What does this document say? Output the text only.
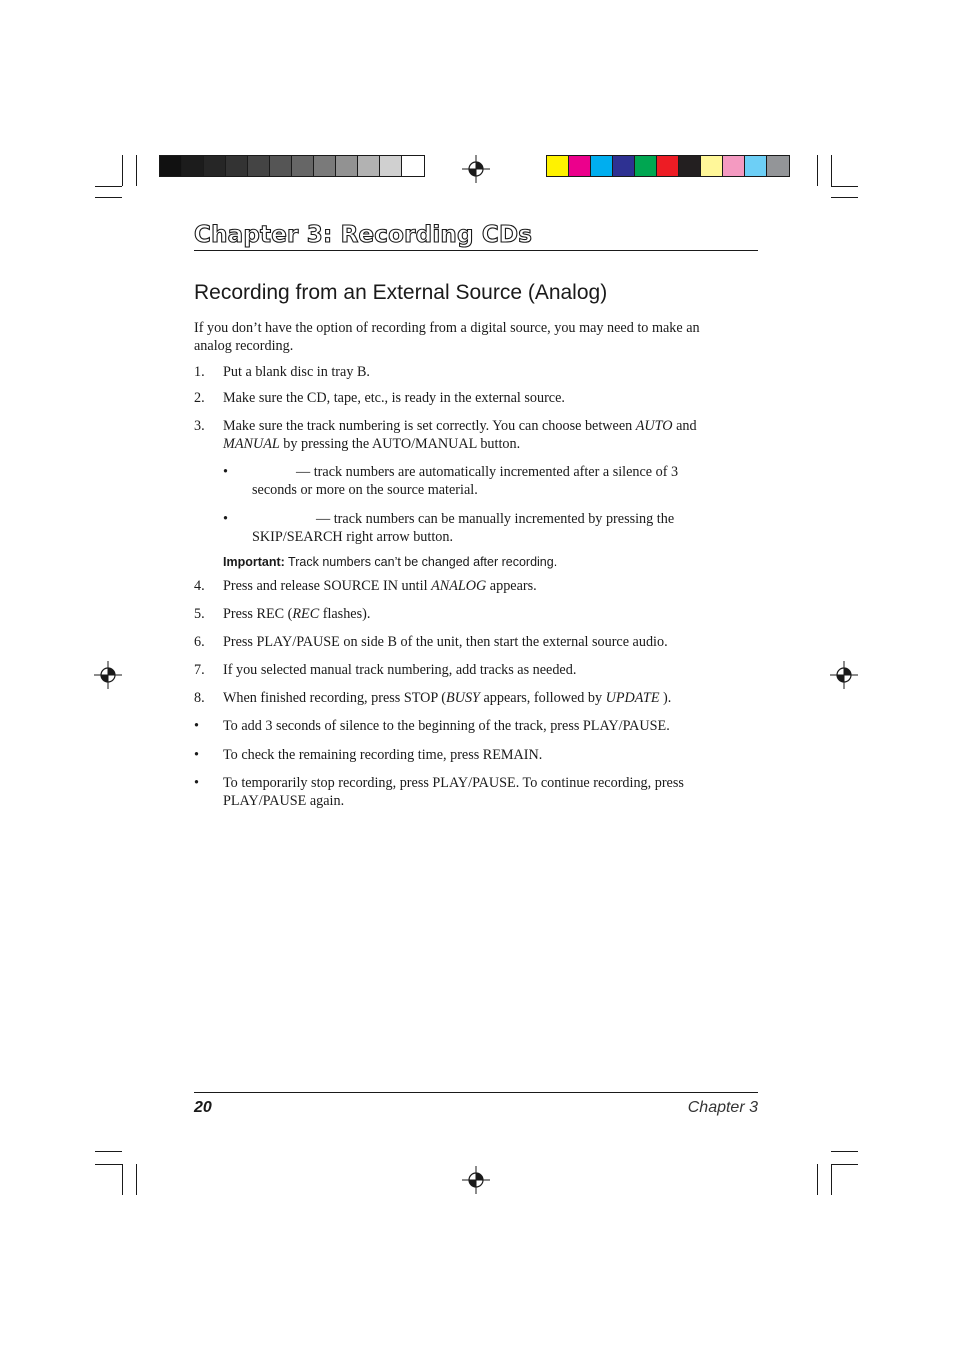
Chapter 3: Recording CDs
Recording from an External Source (Analog)
If you don’t have the option of recording from a digital source, you may need to make an
analog recording.
1.	Put a blank disc in tray B.
2.	Make sure the CD, tape, etc., is ready in the external source.
3.	Make sure the track numbering is set correctly. You can choose between AUTO and
MANUAL by pressing the AUTO/MANUAL button.
•	— track numbers are automatically incremented after a silence of 3
seconds or more on the source material.
•	— track numbers can be manually incremented by pressing the
SKIP/SEARCH right arrow button.
Important: Track numbers can’t be changed after recording.
4.	Press and release SOURCE IN until ANALOG appears.
5.	Press REC (REC flashes).
6.	Press PLAY/PAUSE on side B of the unit, then start the external source audio.
7.	If you selected manual track numbering, add tracks as needed.
8.	When finished recording, press STOP (BUSY appears, followed by UPDATE ).
•	To add 3 seconds of silence to the beginning of the track, press PLAY/PAUSE.
•	To check the remaining recording time, press REMAIN.
•	To temporarily stop recording, press PLAY/PAUSE. To continue recording, press
PLAY/PAUSE again.
20	Chapter 3
